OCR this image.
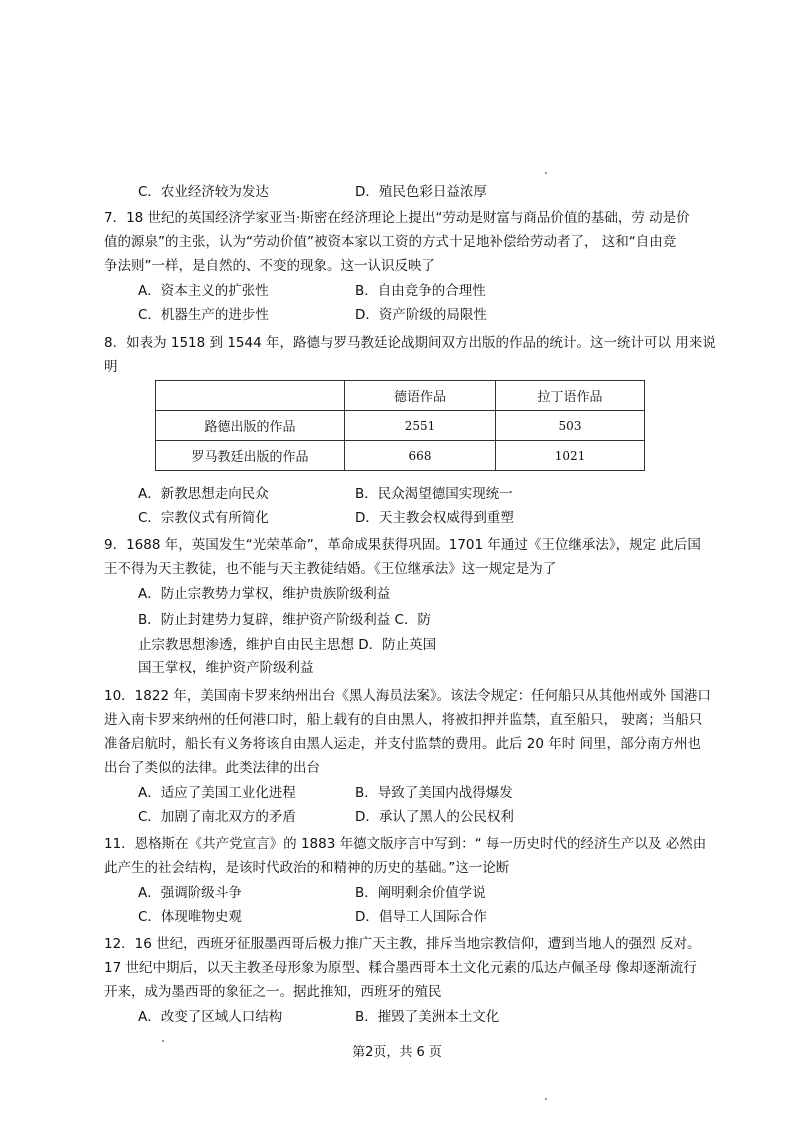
C．农业经济较为发达	D．殖民色彩日益浓厚
7．18 世纪的英国经济学家亚当·斯密在经济理论上提出“劳动是财富与商品价值的基础，劳 动是价
值的源泉”的主张，认为“劳动价值”被资本家以工资的方式十足地补偿给劳动者了， 这和“自由竞
争法则”一样，是自然的、不变的现象。这一认识反映了
A．资本主义的扩张性	B．自由竞争的合理性
C．机器生产的进步性	D．资产阶级的局限性
8．如表为 1518 到 1544 年，路德与罗马教廷论战期间双方出版的作品的统计。这一统计可以 用来说
明
	德语作品	拉丁语作品
路德出版的作品	2551	503
罗马教廷出版的作品	668	1021
A．新教思想走向民众	B．民众渴望德国实现统一
C．宗教仪式有所简化	D．天主教会权威得到重塑
9．1688 年，英国发生“光荣革命”，革命成果获得巩固。1701 年通过《王位继承法》，规定 此后国
王不得为天主教徒，也不能与天主教徒结婚。《王位继承法》这一规定是为了
A．防止宗教势力掌权，维护贵族阶级利益
B．防止封建势力复辟，维护资产阶级利益 C．防
止宗教思想渗透，维护自由民主思想 D．防止英国
国王掌权，维护资产阶级利益
10．1822 年，美国南卡罗来纳州出台《黑人海员法案》。该法令规定：任何船只从其他州或外 国港口
进入南卡罗来纳州的任何港口时，船上载有的自由黑人，将被扣押并监禁，直至船只， 驶离；当船只
准备启航时，船长有义务将该自由黑人运走，并支付监禁的费用。此后 20 年时 间里，部分南方州也
出台了类似的法律。此类法律的出台
A．适应了美国工业化进程	B．导致了美国内战得爆发
C．加剧了南北双方的矛盾	D．承认了黑人的公民权利
11．恩格斯在《共产党宣言》的 1883 年德文版序言中写到：“ 每一历史时代的经济生产以及 必然由
此产生的社会结构，是该时代政治的和精神的历史的基础。”这一论断
A．强调阶级斗争	B．阐明剩余价值学说
C．体现唯物史观	D．倡导工人国际合作
12．16 世纪，西班牙征服墨西哥后极力推广天主教，排斥当地宗教信仰，遭到当地人的强烈 反对。
17 世纪中期后，以天主教圣母形象为原型、糅合墨西哥本土文化元素的瓜达卢佩圣母 像却逐渐流行
开来，成为墨西哥的象征之一。据此推知，西班牙的殖民
A．改变了区域人口结构	B．摧毁了美洲本土文化
第2页，共 6 页
